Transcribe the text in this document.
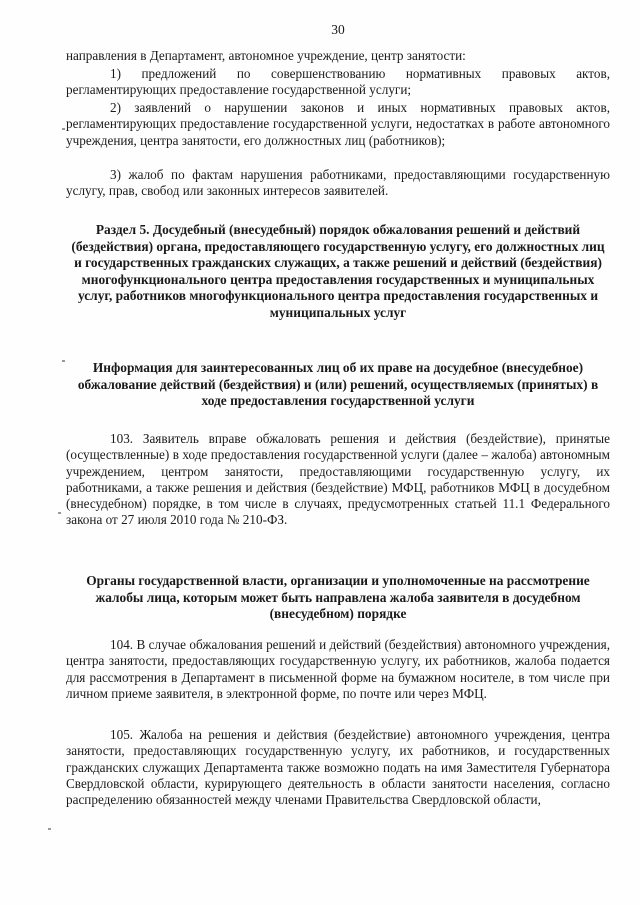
30
направления в Департамент, автономное учреждение, центр занятости:
1) предложений по совершенствованию нормативных правовых актов, регламентирующих предоставление государственной услуги;
2) заявлений о нарушении законов и иных нормативных правовых актов, регламентирующих предоставление государственной услуги, недостатках в работе автономного учреждения, центра занятости, его должностных лиц (работников);
3) жалоб по фактам нарушения работниками, предоставляющими государственную услугу, прав, свобод или законных интересов заявителей.
Раздел 5. Досудебный (внесудебный) порядок обжалования решений и действий (бездействия) органа, предоставляющего государственную услугу, его должностных лиц и государственных гражданских служащих, а также решений и действий (бездействия) многофункционального центра предоставления государственных и муниципальных услуг, работников многофункционального центра предоставления государственных и муниципальных услуг
Информация для заинтересованных лиц об их праве на досудебное (внесудебное) обжалование действий (бездействия) и (или) решений, осуществляемых (принятых) в ходе предоставления государственной услуги
103. Заявитель вправе обжаловать решения и действия (бездействие), принятые (осуществленные) в ходе предоставления государственной услуги (далее – жалоба) автономным учреждением, центром занятости, предоставляющими государственную услугу, их работниками, а также решения и действия (бездействие) МФЦ, работников МФЦ в досудебном (внесудебном) порядке, в том числе в случаях, предусмотренных статьей 11.1 Федерального закона от 27 июля 2010 года № 210-ФЗ.
Органы государственной власти, организации и уполномоченные на рассмотрение жалобы лица, которым может быть направлена жалоба заявителя в досудебном (внесудебном) порядке
104. В случае обжалования решений и действий (бездействия) автономного учреждения, центра занятости, предоставляющих государственную услугу, их работников, жалоба подается для рассмотрения в Департамент в письменной форме на бумажном носителе, в том числе при личном приеме заявителя, в электронной форме, по почте или через МФЦ.
105. Жалоба на решения и действия (бездействие) автономного учреждения, центра занятости, предоставляющих государственную услугу, их работников, и государственных гражданских служащих Департамента также возможно подать на имя Заместителя Губернатора Свердловской области, курирующего деятельность в области занятости населения, согласно распределению обязанностей между членами Правительства Свердловской области,
